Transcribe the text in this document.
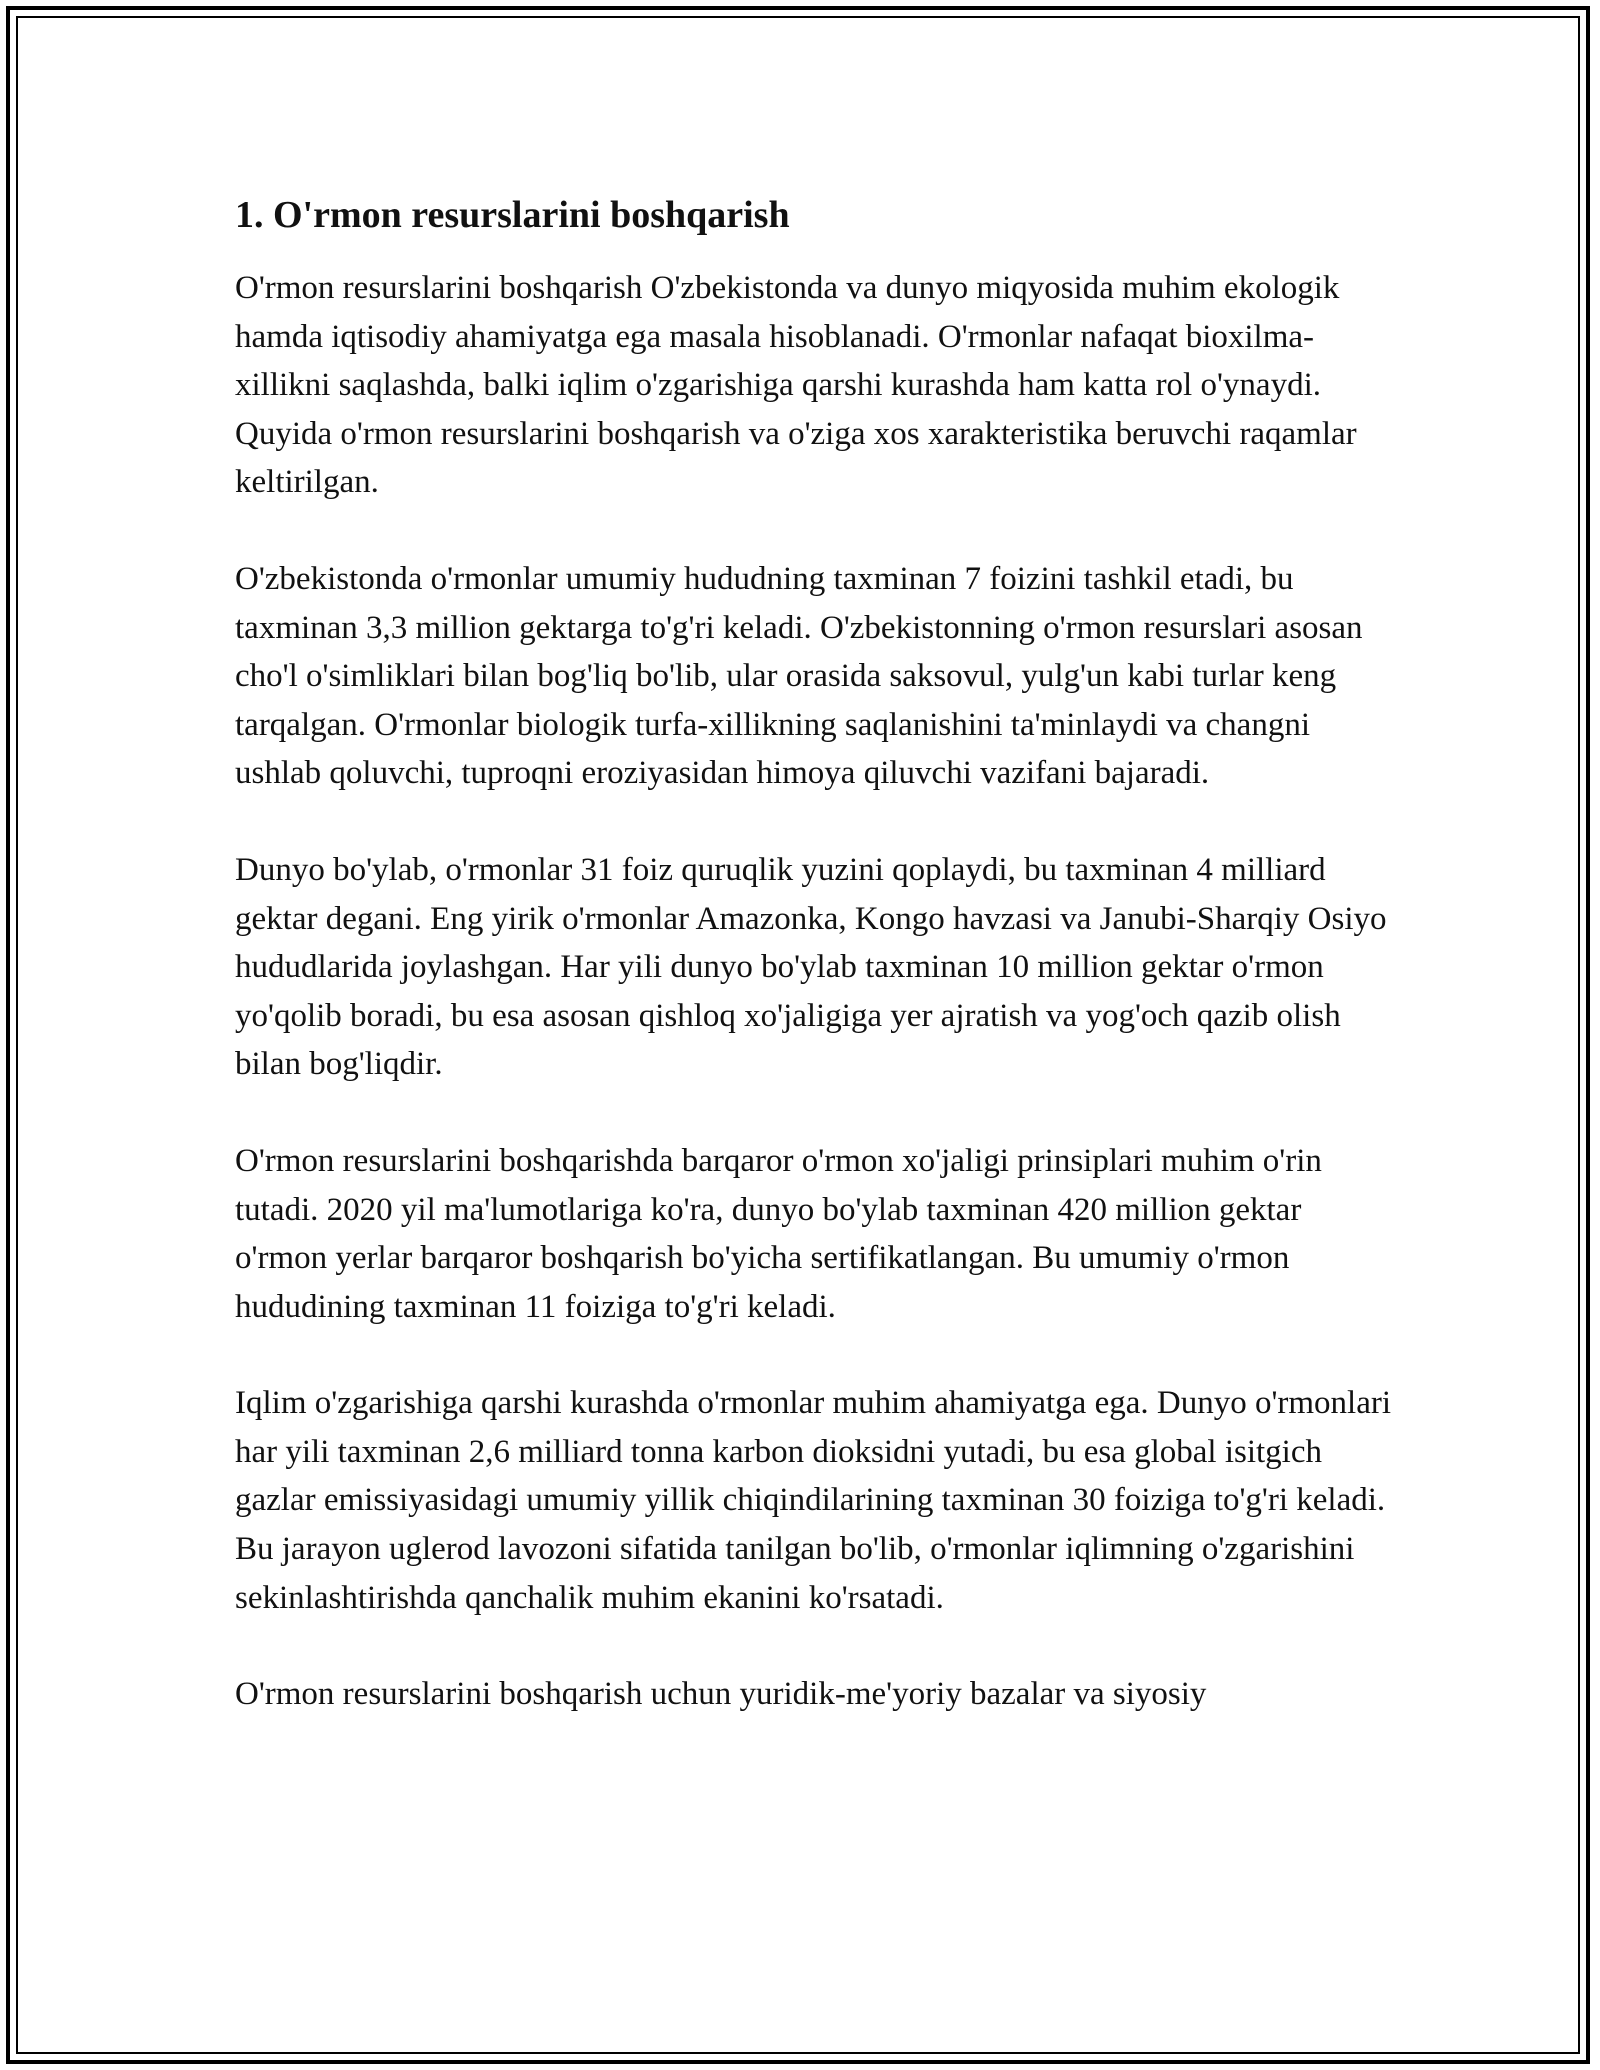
1. O'rmon resurslarini boshqarish

O'rmon resurslarini boshqarish O'zbekistonda va dunyo miqyosida muhim ekologik hamda iqtisodiy ahamiyatga ega masala hisoblanadi. O'rmonlar nafaqat bioxilma-xillikni saqlashda, balki iqlim o'zgarishiga qarshi kurashda ham katta rol o'ynaydi. Quyida o'rmon resurslarini boshqarish va o'ziga xos xarakteristika beruvchi raqamlar keltirilgan.

O'zbekistonda o'rmonlar umumiy hududning taxminan 7 foizini tashkil etadi, bu taxminan 3,3 million gektarga to'g'ri keladi. O'zbekistonning o'rmon resurslari asosan cho'l o'simliklari bilan bog'liq bo'lib, ular orasida saksovul, yulg'un kabi turlar keng tarqalgan. O'rmonlar biologik turfa-xillikning saqlanishini ta'minlaydi va changni ushlab qoluvchi, tuproqni eroziyasidan himoya qiluvchi vazifani bajaradi.

Dunyo bo'ylab, o'rmonlar 31 foiz quruqlik yuzini qoplaydi, bu taxminan 4 milliard gektar degani. Eng yirik o'rmonlar Amazonka, Kongo havzasi va Janubi-Sharqiy Osiyo hududlarida joylashgan. Har yili dunyo bo'ylab taxminan 10 million gektar o'rmon yo'qolib boradi, bu esa asosan qishloq xo'jaligiga yer ajratish va yog'och qazib olish bilan bog'liqdir.

O'rmon resurslarini boshqarishda barqaror o'rmon xo'jaligi prinsiplari muhim o'rin tutadi. 2020 yil ma'lumotlariga ko'ra, dunyo bo'ylab taxminan 420 million gektar o'rmon yerlar barqaror boshqarish bo'yicha sertifikatlangan. Bu umumiy o'rmon hududining taxminan 11 foiziga to'g'ri keladi.

Iqlim o'zgarishiga qarshi kurashda o'rmonlar muhim ahamiyatga ega. Dunyo o'rmonlari har yili taxminan 2,6 milliard tonna karbon dioksidni yutadi, bu esa global isitgich gazlar emissiyasidagi umumiy yillik chiqindilarining taxminan 30 foiziga to'g'ri keladi. Bu jarayon uglerod lavozoni sifatida tanilgan bo'lib, o'rmonlar iqlimning o'zgarishini sekinlashtirishda qanchalik muhim ekanini ko'rsatadi.

O'rmon resurslarini boshqarish uchun yuridik-me'yoriy bazalar va siyosiy
